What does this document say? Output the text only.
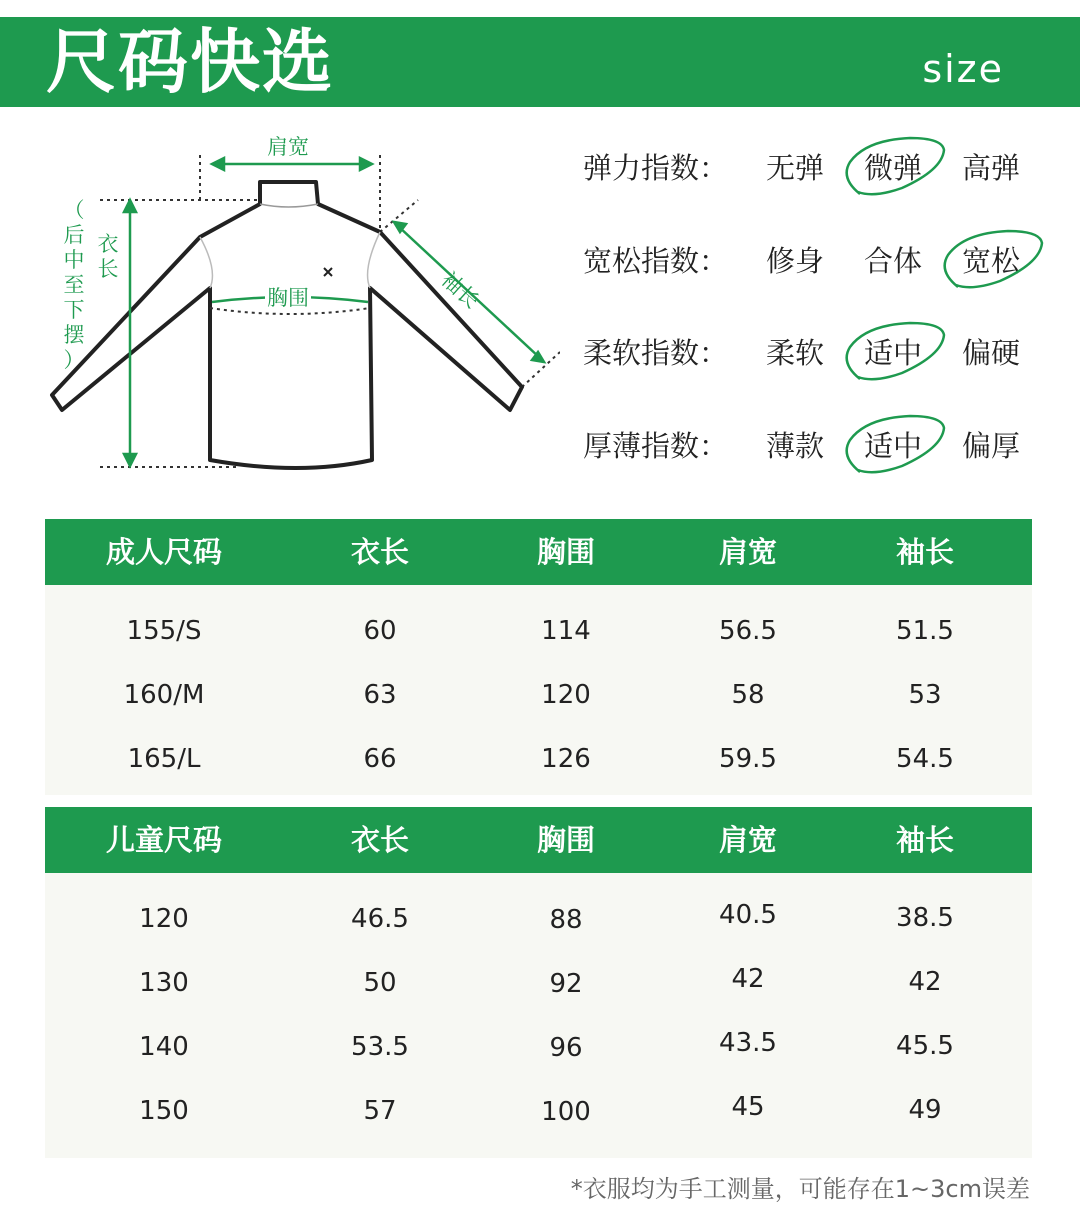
尺码快选	size
肩宽
胸围	袖长
衣长
（
后
中
至
下
摆
）
弹力指数： 无弹 微弹 高弹
宽松指数： 修身 合体 宽松
柔软指数： 柔软 适中 偏硬
厚薄指数： 薄款 适中 偏厚
成人尺码	衣长	胸围	肩宽	袖长
155/S	60	114	56.5	51.5
160/M	63	120	58	53
165/L	66	126	59.5	54.5
儿童尺码	衣长	胸围	肩宽	袖长
120	46.5	88	40.5	38.5
130	50	92	42	42
140	53.5	96	43.5	45.5
150	57	100	45	49
*衣服均为手工测量，可能存在1~3cm误差
